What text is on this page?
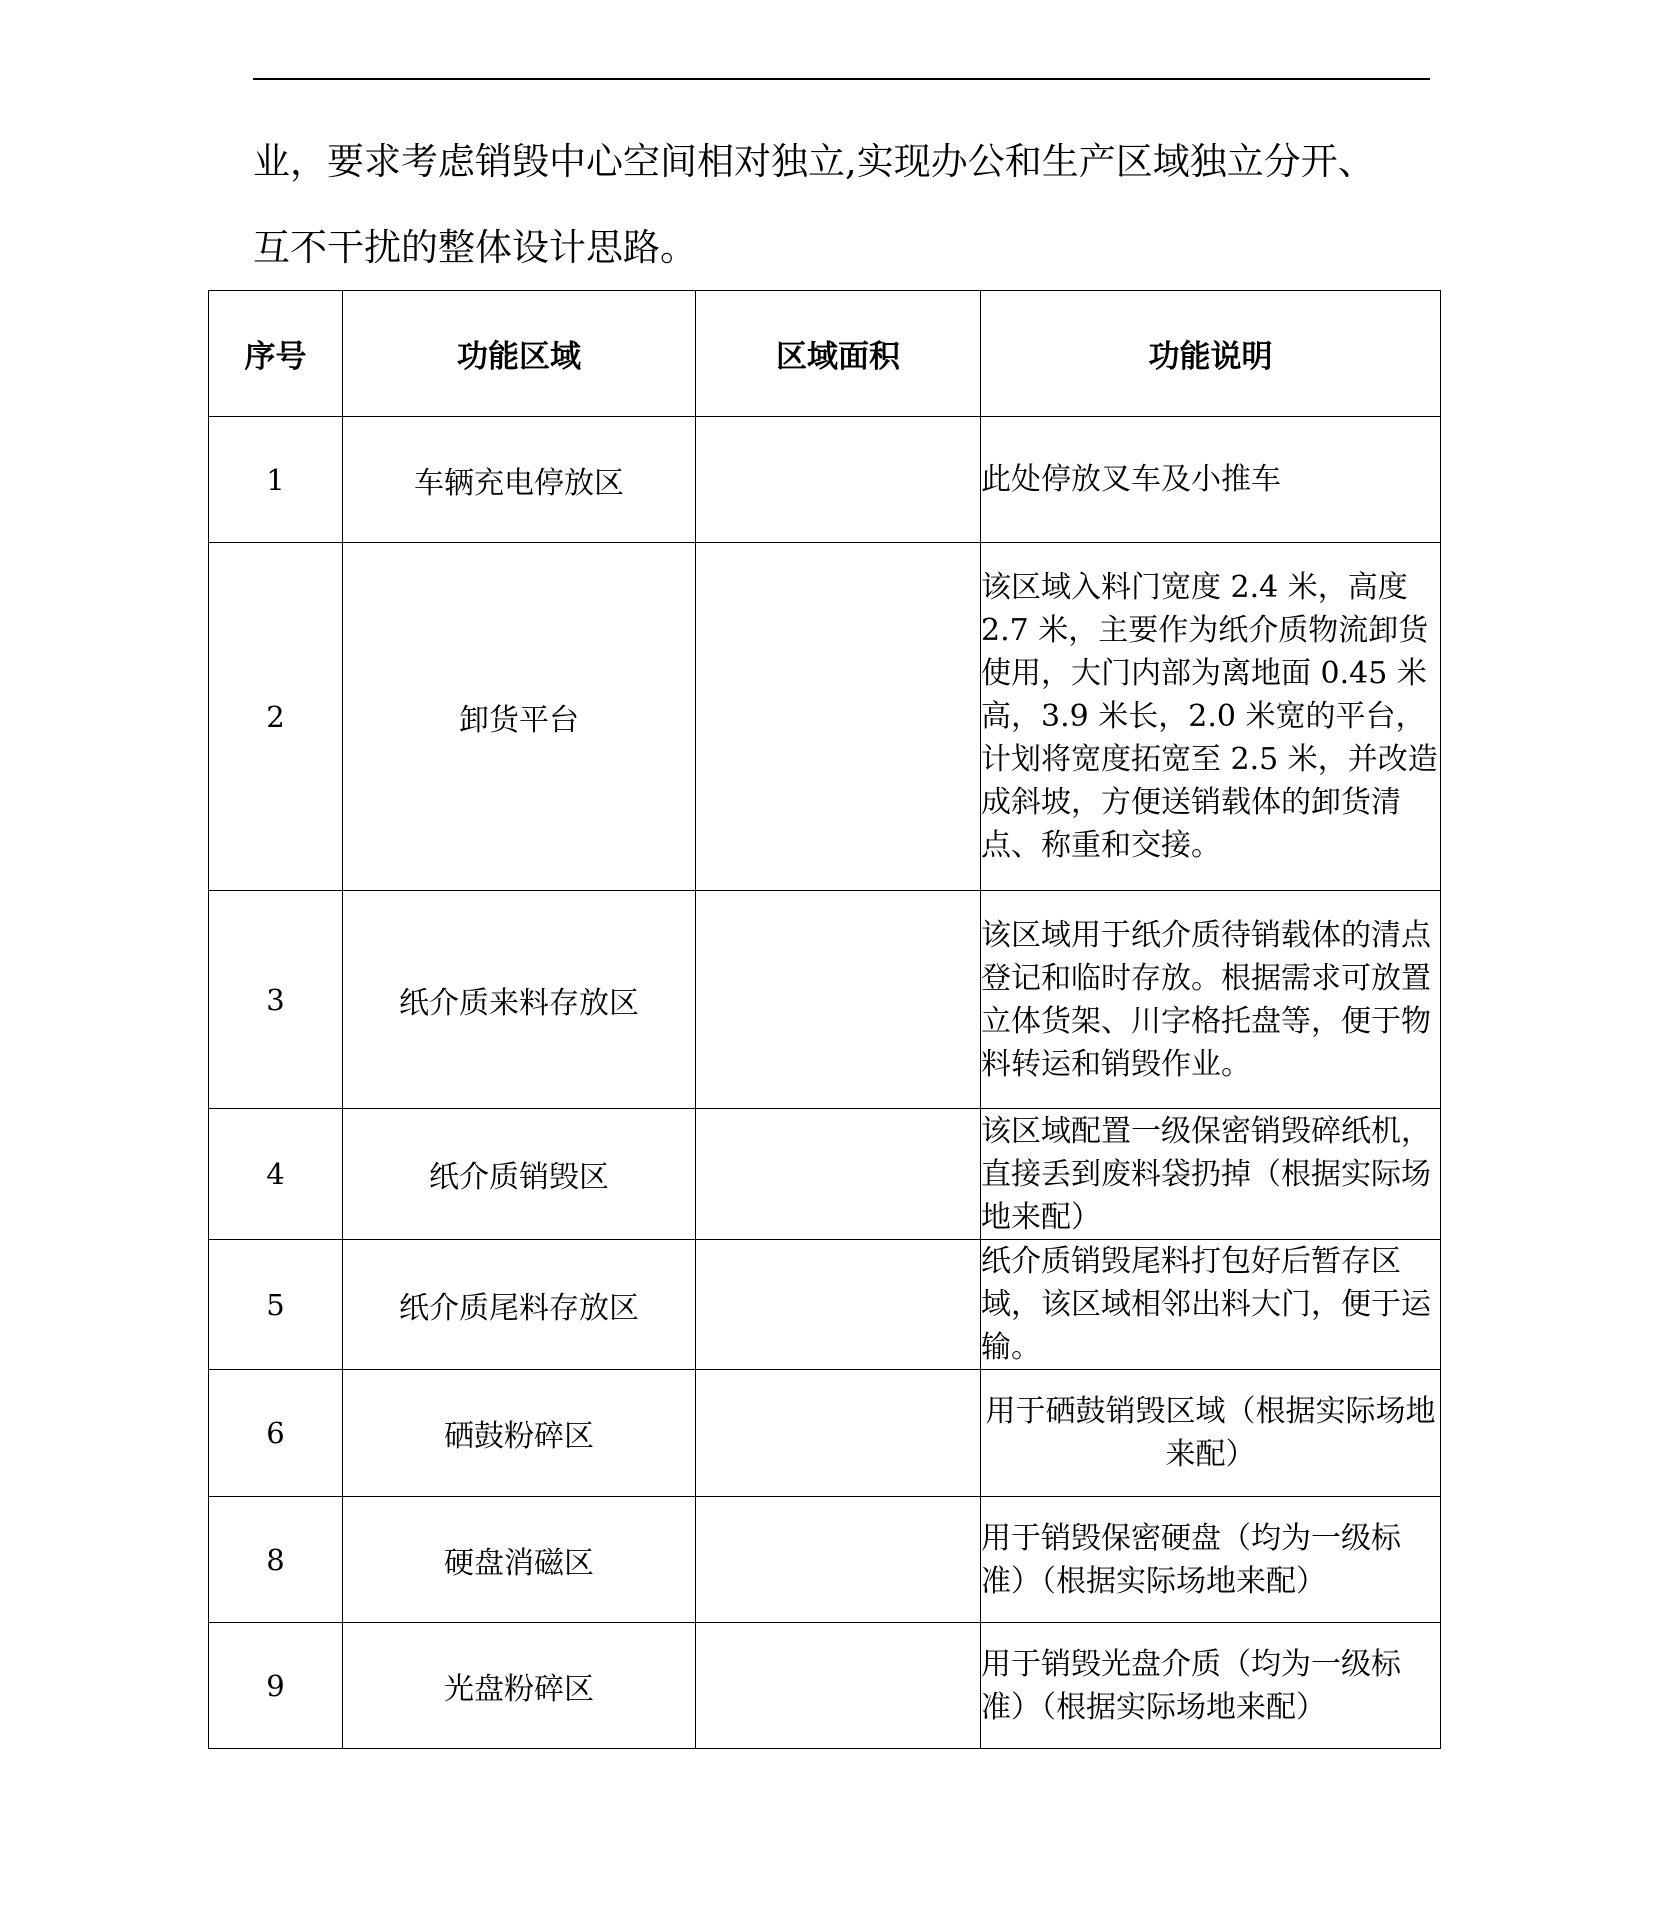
业，要求考虑销毁中心空间相对独立,实现办公和生产区域独立分开、

互不干扰的整体设计思路。

序号	功能区域	区域面积	功能说明
1	车辆充电停放区		此处停放叉车及小推车
2	卸货平台		该区域入料门宽度 2.4 米，高度 2.7 米，主要作为纸介质物流卸货使用，大门内部为离地面 0.45 米高，3.9 米长，2.0 米宽的平台，计划将宽度拓宽至 2.5 米，并改造成斜坡，方便送销载体的卸货清点、称重和交接。
3	纸介质来料存放区		该区域用于纸介质待销载体的清点登记和临时存放。根据需求可放置立体货架、川字格托盘等，便于物料转运和销毁作业。
4	纸介质销毁区		该区域配置一级保密销毁碎纸机，直接丢到废料袋扔掉（根据实际场地来配）
5	纸介质尾料存放区		纸介质销毁尾料打包好后暂存区域，该区域相邻出料大门，便于运输。
6	硒鼓粉碎区		用于硒鼓销毁区域（根据实际场地来配）
8	硬盘消磁区		用于销毁保密硬盘（均为一级标准）（根据实际场地来配）
9	光盘粉碎区		用于销毁光盘介质（均为一级标准）（根据实际场地来配）
